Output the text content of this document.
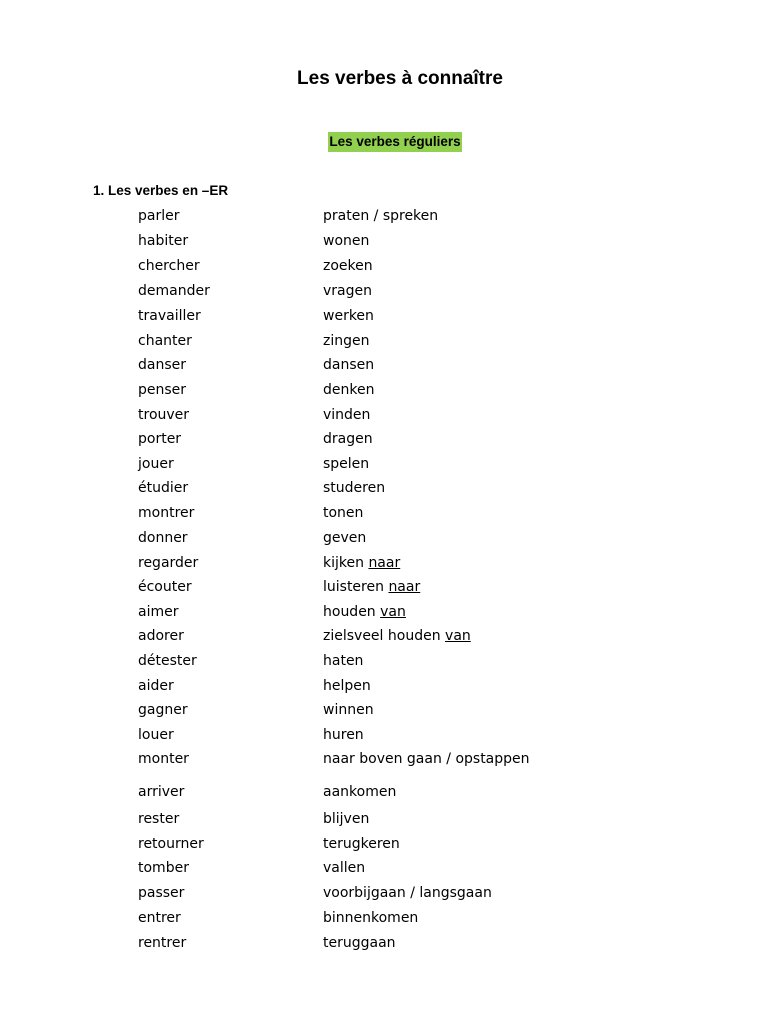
Les verbes à connaître
Les verbes réguliers
1. Les verbes en –ER
parler	praten / spreken
habiter	wonen
chercher	zoeken
demander	vragen
travailler	werken
chanter	zingen
danser	dansen
penser	denken
trouver	vinden
porter	dragen
jouer	spelen
étudier	studeren
montrer	tonen
donner	geven
regarder	kijken naar
écouter	luisteren naar
aimer	houden van
adorer	zielsveel houden van
détester	haten
aider	helpen
gagner	winnen
louer	huren
monter	naar boven gaan / opstappen
arriver	aankomen
rester	blijven
retourner	terugkeren
tomber	vallen
passer	voorbijgaan / langsgaan
entrer	binnenkomen
rentrer	teruggaan
